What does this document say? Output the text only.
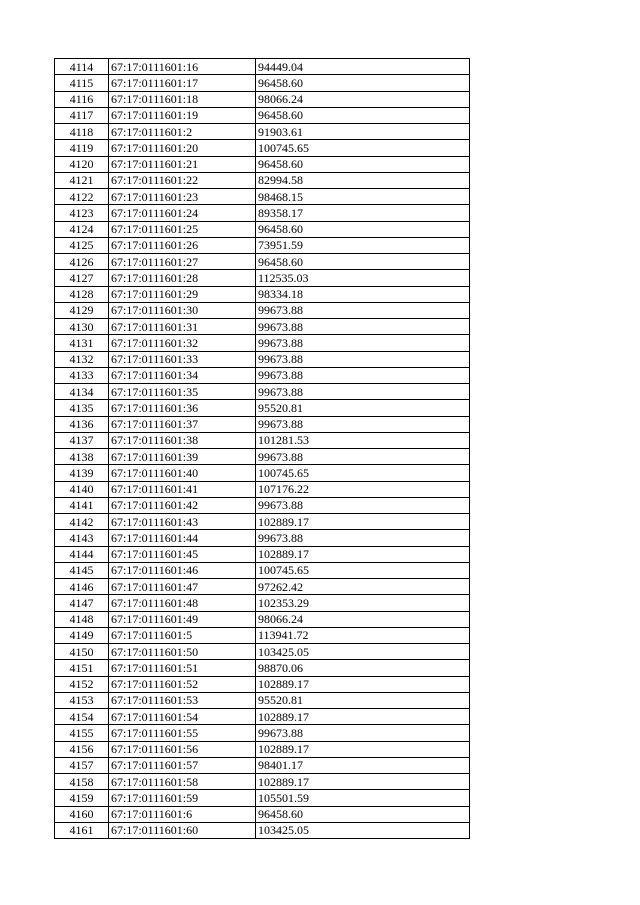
4114	67:17:0111601:16	94449.04
4115	67:17:0111601:17	96458.60
4116	67:17:0111601:18	98066.24
4117	67:17:0111601:19	96458.60
4118	67:17:0111601:2	91903.61
4119	67:17:0111601:20	100745.65
4120	67:17:0111601:21	96458.60
4121	67:17:0111601:22	82994.58
4122	67:17:0111601:23	98468.15
4123	67:17:0111601:24	89358.17
4124	67:17:0111601:25	96458.60
4125	67:17:0111601:26	73951.59
4126	67:17:0111601:27	96458.60
4127	67:17:0111601:28	112535.03
4128	67:17:0111601:29	98334.18
4129	67:17:0111601:30	99673.88
4130	67:17:0111601:31	99673.88
4131	67:17:0111601:32	99673.88
4132	67:17:0111601:33	99673.88
4133	67:17:0111601:34	99673.88
4134	67:17:0111601:35	99673.88
4135	67:17:0111601:36	95520.81
4136	67:17:0111601:37	99673.88
4137	67:17:0111601:38	101281.53
4138	67:17:0111601:39	99673.88
4139	67:17:0111601:40	100745.65
4140	67:17:0111601:41	107176.22
4141	67:17:0111601:42	99673.88
4142	67:17:0111601:43	102889.17
4143	67:17:0111601:44	99673.88
4144	67:17:0111601:45	102889.17
4145	67:17:0111601:46	100745.65
4146	67:17:0111601:47	97262.42
4147	67:17:0111601:48	102353.29
4148	67:17:0111601:49	98066.24
4149	67:17:0111601:5	113941.72
4150	67:17:0111601:50	103425.05
4151	67:17:0111601:51	98870.06
4152	67:17:0111601:52	102889.17
4153	67:17:0111601:53	95520.81
4154	67:17:0111601:54	102889.17
4155	67:17:0111601:55	99673.88
4156	67:17:0111601:56	102889.17
4157	67:17:0111601:57	98401.17
4158	67:17:0111601:58	102889.17
4159	67:17:0111601:59	105501.59
4160	67:17:0111601:6	96458.60
4161	67:17:0111601:60	103425.05
